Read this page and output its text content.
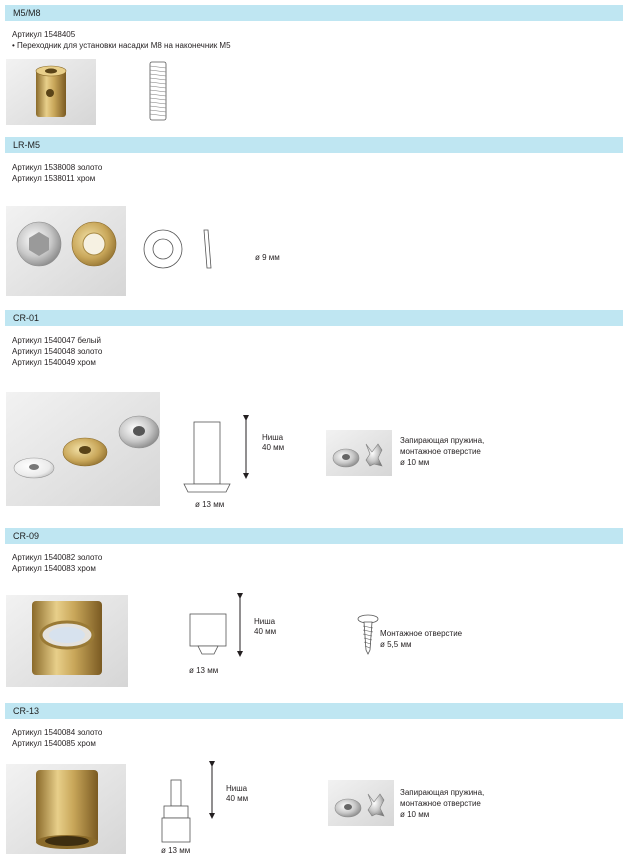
M5/M8
Артикул 1548405
• Переходник для установки насадки M8 на наконечник M5
LR-M5
Артикул 1538008 золото
Артикул 1538011 хром
ø 9 мм
CR-01
Артикул 1540047 белый
Артикул 1540048 золото
Артикул 1540049 хром
Ниша
40 мм
ø 13 мм
Запирающая пружина,
монтажное отверстие
ø 10 мм
CR-09
Артикул 1540082 золото
Артикул 1540083 хром
Ниша
40 мм
ø 13 мм
Монтажное отверстие
ø 5,5 мм
CR-13
Артикул 1540084 золото
Артикул 1540085 хром
Ниша
40 мм
ø 13 мм
Запирающая пружина,
монтажное отверстие
ø 10 мм
